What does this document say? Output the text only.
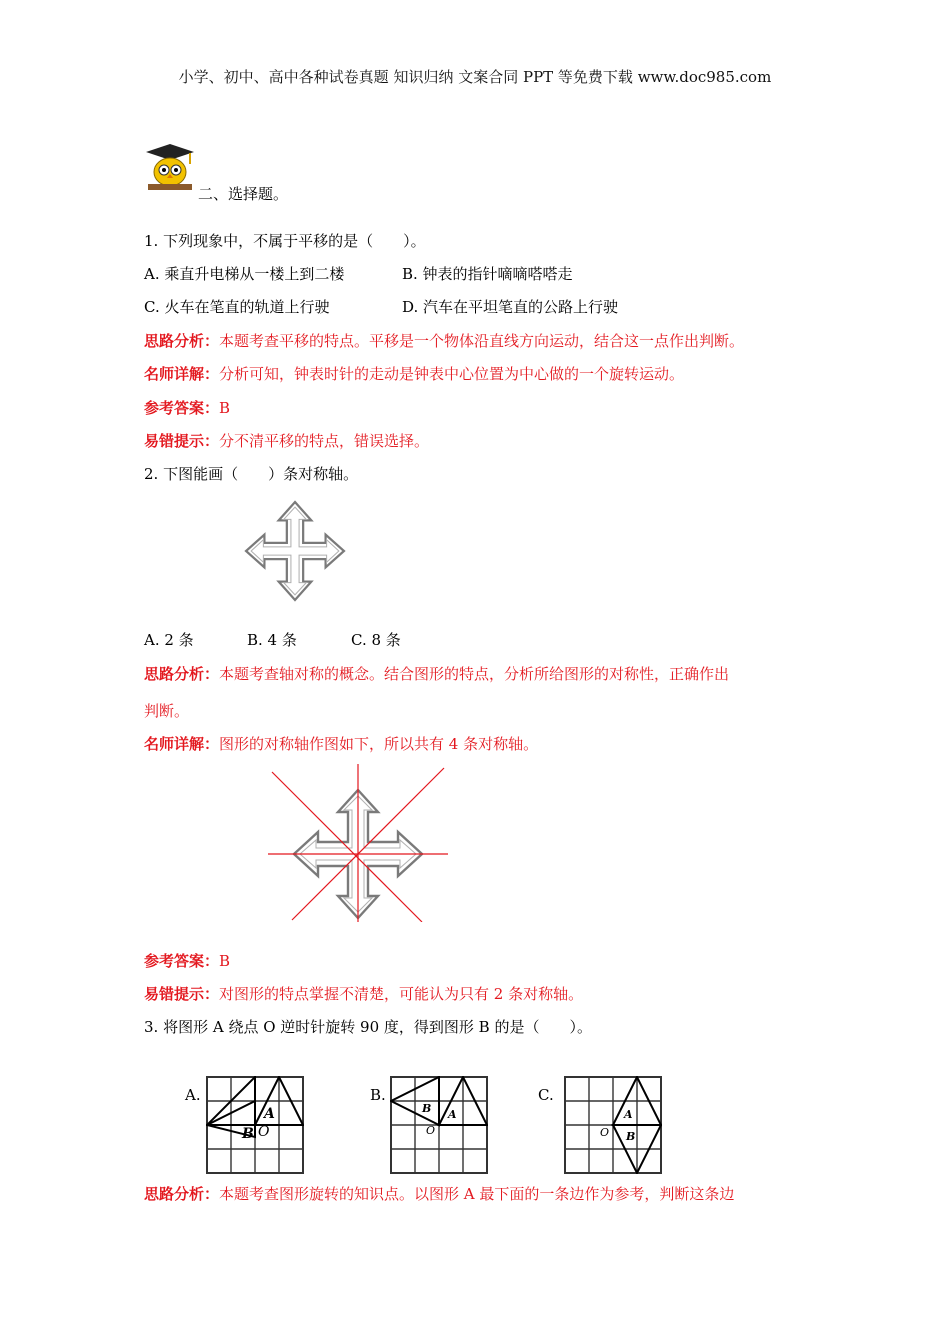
小学、初中、高中各种试卷真题 知识归纳 文案合同 PPT 等免费下载 www.doc985.com
二、选择题。
1. 下列现象中，不属于平移的是（　　）。
A. 乘直升电梯从一楼上到二楼	B. 钟表的指针嘀嘀嗒嗒走
C. 火车在笔直的轨道上行驶	D. 汽车在平坦笔直的公路上行驶
思路分析：本题考查平移的特点。平移是一个物体沿直线方向运动，结合这一点作出判断。
名师详解：分析可知，钟表时针的走动是钟表中心位置为中心做的一个旋转运动。
参考答案：B
易错提示：分不清平移的特点，错误选择。
2. 下图能画（　　）条对称轴。
A. 2 条	B. 4 条	C. 8 条
思路分析：本题考查轴对称的概念。结合图形的特点，分析所给图形的对称性，正确作出
判断。
名师详解：图形的对称轴作图如下，所以共有 4 条对称轴。
参考答案：B
易错提示：对图形的特点掌握不清楚，可能认为只有 2 条对称轴。
3. 将图形 A 绕点 O 逆时针旋转 90 度，得到图形 B 的是（　　）。
A.
A
B O
B.
A
B
O
C.
A
B
O
思路分析：本题考查图形旋转的知识点。以图形 A 最下面的一条边作为参考，判断这条边
